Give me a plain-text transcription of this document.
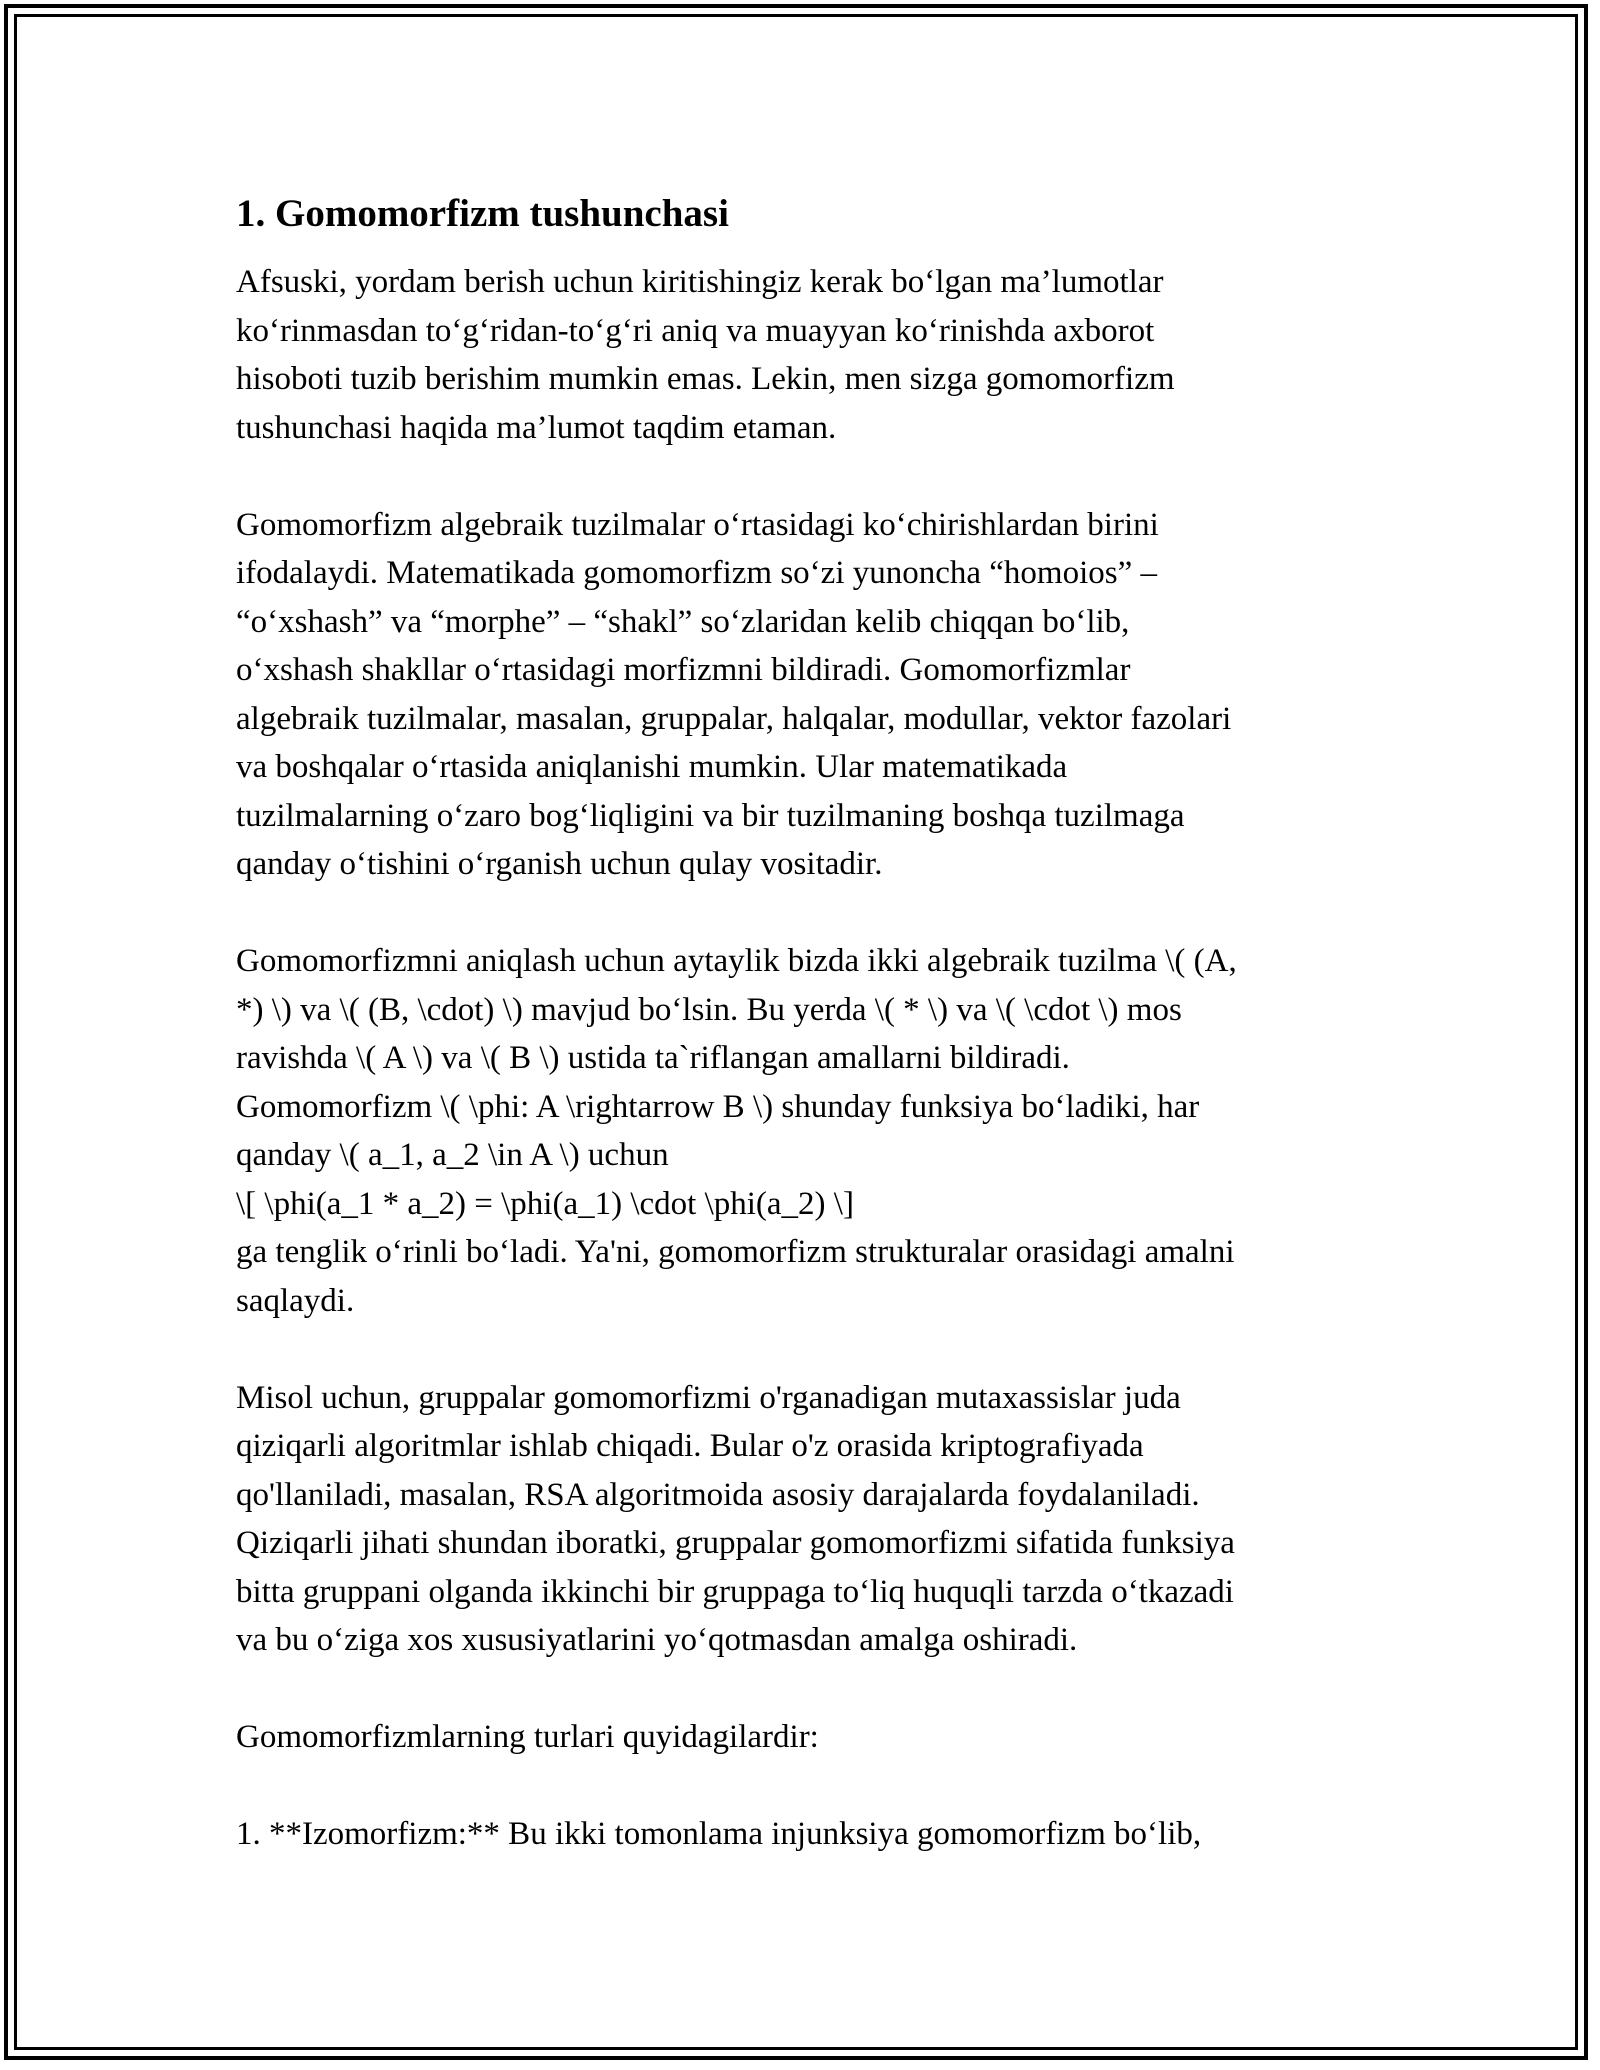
1. Gomomorfizm tushunchasi
Afsuski, yordam berish uchun kiritishingiz kerak bo‘lgan ma’lumotlar
ko‘rinmasdan to‘g‘ridan-to‘g‘ri aniq va muayyan ko‘rinishda axborot
hisoboti tuzib berishim mumkin emas. Lekin, men sizga gomomorfizm
tushunchasi haqida ma’lumot taqdim etaman.
Gomomorfizm algebraik tuzilmalar o‘rtasidagi ko‘chirishlardan birini
ifodalaydi. Matematikada gomomorfizm so‘zi yunoncha “homoios” –
“o‘xshash” va “morphe” – “shakl” so‘zlaridan kelib chiqqan bo‘lib,
o‘xshash shakllar o‘rtasidagi morfizmni bildiradi. Gomomorfizmlar
algebraik tuzilmalar, masalan, gruppalar, halqalar, modullar, vektor fazolari
va boshqalar o‘rtasida aniqlanishi mumkin. Ular matematikada
tuzilmalarning o‘zaro bog‘liqligini va bir tuzilmaning boshqa tuzilmaga
qanday o‘tishini o‘rganish uchun qulay vositadir.
Gomomorfizmni aniqlash uchun aytaylik bizda ikki algebraik tuzilma \( (A,
*) \) va \( (B, \cdot) \) mavjud bo‘lsin. Bu yerda \( * \) va \( \cdot \) mos
ravishda \( A \) va \( B \) ustida ta`riflangan amallarni bildiradi.
Gomomorfizm \( \phi: A \rightarrow B \) shunday funksiya bo‘ladiki, har
qanday \( a_1, a_2 \in A \) uchun
\[ \phi(a_1 * a_2) = \phi(a_1) \cdot \phi(a_2) \]
ga tenglik o‘rinli bo‘ladi. Ya'ni, gomomorfizm strukturalar orasidagi amalni
saqlaydi.
Misol uchun, gruppalar gomomorfizmi o'rganadigan mutaxassislar juda
qiziqarli algoritmlar ishlab chiqadi. Bular o'z orasida kriptografiyada
qo'llaniladi, masalan, RSA algoritmoida asosiy darajalarda foydalaniladi.
Qiziqarli jihati shundan iboratki, gruppalar gomomorfizmi sifatida funksiya
bitta gruppani olganda ikkinchi bir gruppaga to‘liq huquqli tarzda o‘tkazadi
va bu o‘ziga xos xususiyatlarini yo‘qotmasdan amalga oshiradi.
Gomomorfizmlarning turlari quyidagilardir:
1. **Izomorfizm:** Bu ikki tomonlama injunksiya gomomorfizm bo‘lib,
